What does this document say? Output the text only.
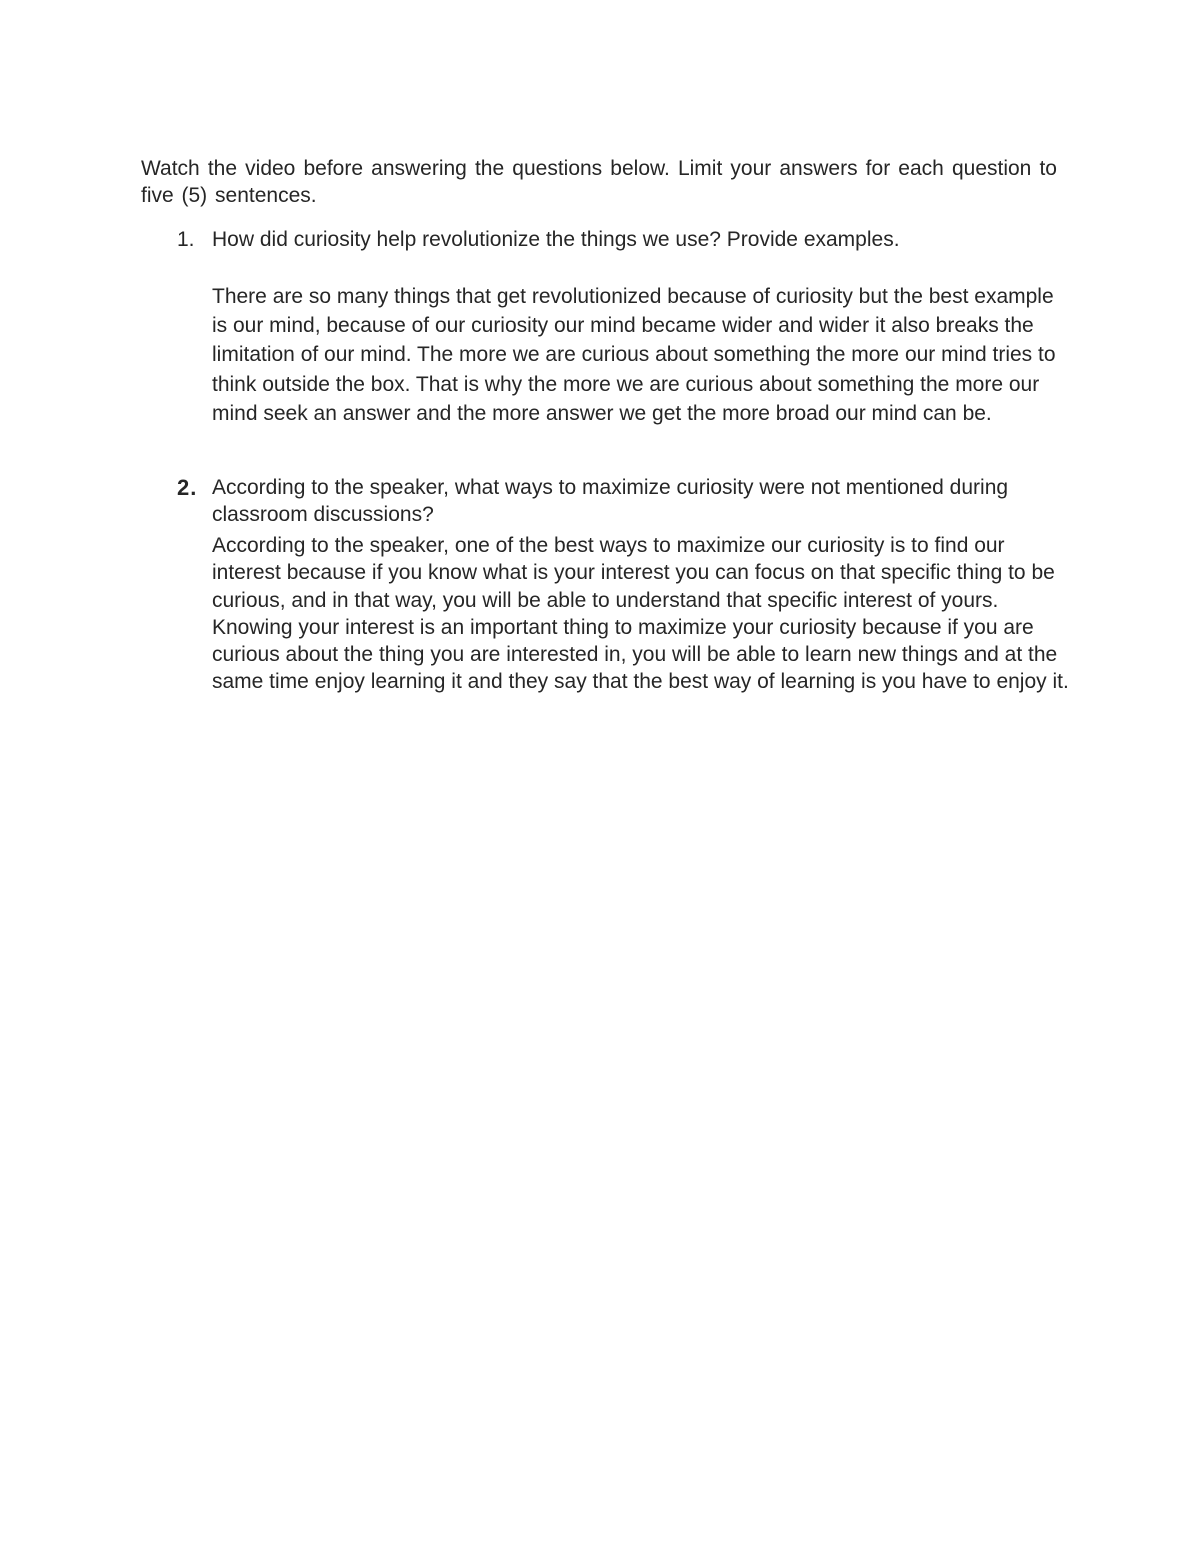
Watch the video before answering the questions below. Limit your answers for each question to five (5) sentences.

1. How did curiosity help revolutionize the things we use? Provide examples.

There are so many things that get revolutionized because of curiosity but the best example is our mind, because of our curiosity our mind became wider and wider it also breaks the limitation of our mind. The more we are curious about something the more our mind tries to think outside the box. That is why the more we are curious about something the more our mind seek an answer and the more answer we get the more broad our mind can be.

2. According to the speaker, what ways to maximize curiosity were not mentioned during classroom discussions?

According to the speaker, one of the best ways to maximize our curiosity is to find our interest because if you know what is your interest you can focus on that specific thing to be curious, and in that way, you will be able to understand that specific interest of yours. Knowing your interest is an important thing to maximize your curiosity because if you are curious about the thing you are interested in, you will be able to learn new things and at the same time enjoy learning it and they say that the best way of learning is you have to enjoy it.
